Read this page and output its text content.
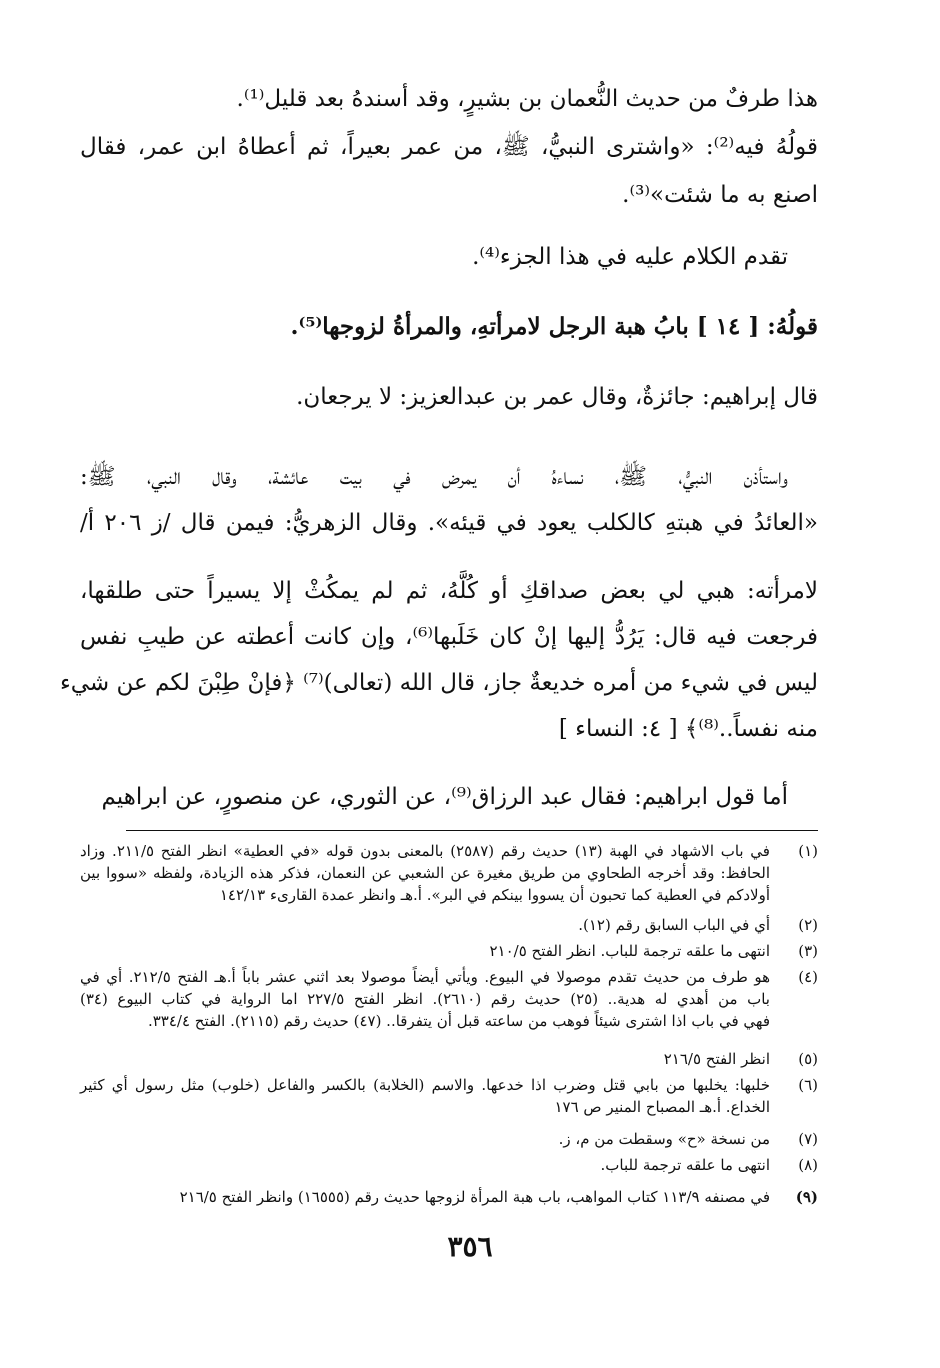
هذا طرفٌ من حديث النُّعمان بن بشيرٍ، وقد أسندهُ بعد قليل⁽¹⁾.
قولُهُ فيه⁽²⁾: «واشترى النبيُّ، ﷺ، من عمر بعيراً، ثم أعطاهُ ابن عمر، فقال
اصنع به ما شئت»⁽³⁾.
تقدم الكلام عليه في هذا الجزء⁽⁴⁾.
قولُهُ: [ ١٤ ] بابُ هبة الرجل لامرأتهِ، والمرأةُ لزوجها⁽⁵⁾.
قال إبراهيم: جائزةٌ، وقال عمر بن عبدالعزيز: لا يرجعان.
واستأذن النبيُّ، ﷺ، نساءهُ أن يمرض في بيت عائشة، وقال النبي، ﷺ:
«العائدُ في هبتهِ كالكلب يعود في قيئه». وقال الزهريُّ: فيمن قال /ز ٢٠٦ أ/
لامرأته: هبي لي بعض صداقكِ أو كُلَّهُ، ثم لم يمكُثْ إلا يسيراً حتى طلقها،
فرجعت فيه قال: يَرُدُّ إليها إنْ كان خَلَبها⁽⁶⁾، وإن كانت أعطته عن طيبِ نفس
ليس في شيء من أمره خديعةٌ جاز، قال الله (تعالى)⁽⁷⁾ ﴿فإنْ طِبْنَ لكم عن شيء
منه نفساً..⁽⁸⁾﴾ [ ٤: النساء ]
أما قول ابراهيم: فقال عبد الرزاق⁽⁹⁾، عن الثوري، عن منصورٍ، عن ابراهيم
(١)
في باب الاشهاد في الهبة (١٣) حديث رقم (٢٥٨٧) بالمعنى بدون قوله «في العطية» انظر الفتح ٢١١/٥. وزاد
الحافظ: وقد أخرجه الطحاوي من طريق مغيرة عن الشعبي عن النعمان، فذكر هذه الزيادة، ولفظه «سووا بين
أولادكم في العطية كما تحبون أن يسووا بينكم في البر». أ.هـ وانظر عمدة القارىء ١٤٢/١٣
(٢)
أي في الباب السابق رقم (١٢).
(٣)
انتهى ما علقه ترجمة للباب. انظر الفتح ٢١٠/٥
(٤)
هو طرف من حديث تقدم موصولا في البيوع. ويأتي أيضاً موصولا بعد اثني عشر باباً أ.هـ الفتح ٢١٢/٥. أي في
باب من أهدي له هدية.. (٢٥) حديث رقم (٢٦١٠). انظر الفتح ٢٢٧/٥ اما الرواية في كتاب البيوع (٣٤)
فهي في باب اذا اشترى شيئاً فوهب من ساعته قبل أن يتفرقا.. (٤٧) حديث رقم (٢١١٥). الفتح ٣٣٤/٤.
(٥)
انظر الفتح ٢١٦/٥
(٦)
خلبها: يخلبها من بابي قتل وضرب اذا خدعها. والاسم (الخلابة) بالكسر والفاعل (خلوب) مثل رسول أي كثير
الخداع. أ.هـ المصباح المنير ص ١٧٦
(٧)
من نسخة «ح» وسقطت من م، ز.
(٨)
انتهى ما علقه ترجمة للباب.
(٩)
في مصنفه ١١٣/٩ كتاب المواهب، باب هبة المرأة لزوجها حديث رقم (١٦٥٥٥) وانظر الفتح ٢١٦/٥
٣٥٦
